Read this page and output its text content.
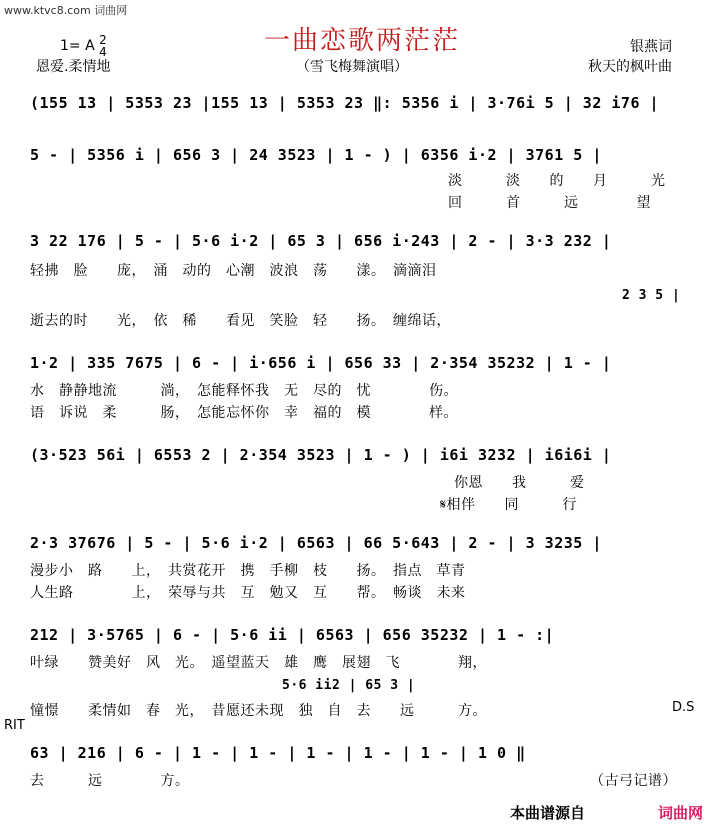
www.ktvc8.com 词曲网
一曲恋歌两茫茫
1= A 2
4
恩爱.柔情地	（雪飞梅舞演唱）
银燕词
秋天的枫叶曲
(155 13 | 5353 23 |155 13 | 5353 23 ‖: 5356 i | 3·76i 5 | 32 i76 |
5 - | 5356 i | 656 3 | 24 3523 | 1 - ) | 6356 i·2 | 3761 5 |
淡　　　淡　　的　　月　　　光
回　　　首　　　远　　　　望
3 22 176 | 5 - | 5·6 i·2 | 65 3 | 656 i·243 | 2 - | 3·3 232 |
轻拂　脸　　庞，　涌　动的　心潮　波浪　荡　　漾。　滴滴泪
2 3 5 |
逝去的时　　光，　依　稀　　看见　笑脸　轻　　扬。　缠绵话，
1·2 | 335 7675 | 6 - | i·656 i | 656 33 | 2·354 35232 | 1 - |
水　静静地流　　　淌，　怎能释怀我　无　尽的　忧　　　　伤。
语　诉说　柔　　　肠，　怎能忘怀你　幸　福的　模　　　　样。
(3·523 56i | 6553 2 | 2·354 3523 | 1 - ) | i6i 3232 | i6i6i |
你恩　　我　　　爱
𝄋相伴　　同　　　行
2·3 37676 | 5 - | 5·6 i·2 | 6563 | 66 5·643 | 2 - | 3 3235 |
漫步小　路　　上，　共赏花开　携　手柳　枝　　扬。　指点　草青
人生路　　　　上，　荣辱与共　互　勉又　互　　帮。　畅谈　未来
212 | 3·5765 | 6 - | 5·6 ii | 6563 | 656 35232 | 1 - :|
叶绿　　赞美好　风　光。　遥望蓝天　雄　鹰　展翅　飞　　　　翔，
5·6 ii2 | 65 3 |
憧憬　　柔情如　春　光，　昔愿还未现　独　自　去　　远　　　方。	D.S
RIT
63 | 216 | 6 - | 1 - | 1 - | 1 - | 1 - | 1 - | 1 0 ‖
去　　　远　　　　方。	（古弓记谱）
本曲谱源自	词曲网
